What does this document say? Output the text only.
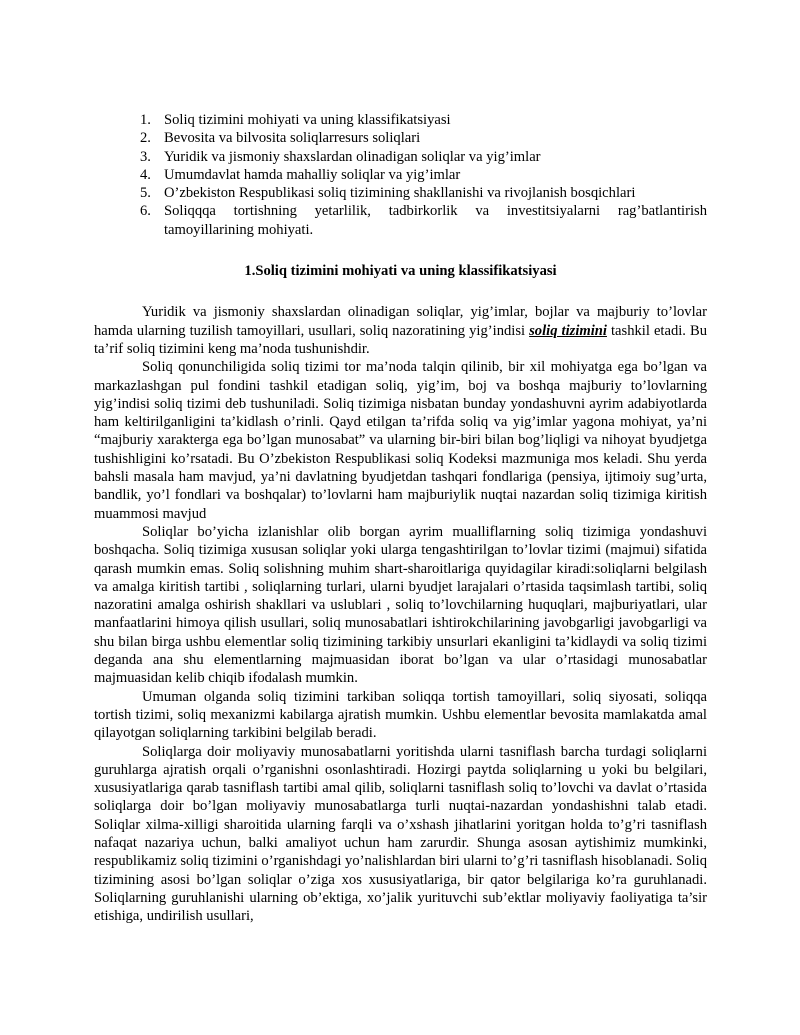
1. Soliq tizimini mohiyati va uning klassifikatsiyasi
2. Bevosita va bilvosita soliqlarresurs soliqlari
3. Yuridik va jismoniy shaxslardan olinadigan soliqlar va yig’imlar
4. Umumdavlat hamda mahalliy soliqlar va yig’imlar
5. O’zbekiston Respublikasi soliq tizimining shakllanishi va rivojlanish bosqichlari
6. Soliqqqa tortishning yetarlilik, tadbirkorlik va investitsiyalarni rag’batlantirish tamoyillarining mohiyati.
1.Soliq tizimini mohiyati va uning klassifikatsiyasi

Yuridik va jismoniy shaxslardan olinadigan soliqlar, yig’imlar, bojlar va majburiy to’lovlar hamda ularning tuzilish tamoyillari, usullari, soliq nazoratining yig’indisi soliq tizimini tashkil etadi. Bu ta’rif soliq tizimini keng ma’noda tushunishdir.

Soliq qonunchiligida soliq tizimi tor ma’noda talqin qilinib, bir xil mohiyatga ega bo’lgan va markazlashgan pul fondini tashkil etadigan soliq, yig’im, boj va boshqa majburiy to’lovlarning yig’indisi soliq tizimi deb tushuniladi. Soliq tizimiga nisbatan bunday yondashuvni ayrim adabiyotlarda ham keltirilganligini ta’kidlash o’rinli. Qayd etilgan ta’rifda soliq va yig’imlar yagona mohiyat, ya’ni “majburiy xarakterga ega bo’lgan munosabat” va ularning bir-biri bilan bog’liqligi va nihoyat byudjetga tushishligini ko’rsatadi. Bu O’zbekiston Respublikasi soliq Kodeksi mazmuniga mos keladi. Shu yerda bahsli masala ham mavjud, ya’ni davlatning byudjetdan tashqari fondlariga (pensiya, ijtimoiy sug’urta, bandlik, yo’l fondlari va boshqalar) to’lovlarni ham majburiylik nuqtai nazardan soliq tizimiga kiritish muammosi mavjud

Soliqlar bo’yicha izlanishlar olib borgan ayrim mualliflarning soliq tizimiga yondashuvi boshqacha. Soliq tizimiga xususan soliqlar yoki ularga tengashtirilgan to’lovlar tizimi (majmui) sifatida qarash mumkin emas. Soliq solishning muhim shart-sharoitlariga quyidagilar kiradi:soliqlarni belgilash va amalga kiritish tartibi , soliqlarning turlari, ularni byudjet larajalari o’rtasida taqsimlash tartibi, soliq nazoratini amalga oshirish shakllari va uslublari , soliq to’lovchilarning huquqlari, majburiyatlari, ular manfaatlarini himoya qilish usullari, soliq munosabatlari ishtirokchilarining javobgarligi javobgarligi va shu bilan birga ushbu elementlar soliq tizimining tarkibiy unsurlari ekanligini ta’kidlaydi va soliq tizimi deganda ana shu elementlarning majmuasidan iborat bo’lgan va ular o’rtasidagi munosabatlar majmuasidan kelib chiqib ifodalash mumkin.

Umuman olganda soliq tizimini tarkiban soliqqa tortish tamoyillari, soliq siyosati, soliqqa tortish tizimi, soliq mexanizmi kabilarga ajratish mumkin. Ushbu elementlar bevosita mamlakatda amal qilayotgan soliqlarning tarkibini belgilab beradi.

Soliqlarga doir moliyaviy munosabatlarni yoritishda ularni tasniflash barcha turdagi soliqlarni guruhlarga ajratish orqali o’rganishni osonlashtiradi. Hozirgi paytda soliqlarning u yoki bu belgilari, xususiyatlariga qarab tasniflash tartibi amal qilib, soliqlarni tasniflash soliq to’lovchi va davlat o’rtasida soliqlarga doir bo’lgan moliyaviy munosabatlarga turli nuqtai-nazardan yondashishni talab etadi. Soliqlar xilma-xilligi sharoitida ularning farqli va o’xshash jihatlarini yoritgan holda to’g’ri tasniflash nafaqat nazariya uchun, balki amaliyot uchun ham zarurdir. Shunga asosan aytishimiz mumkinki, respublikamiz soliq tizimini o’rganishdagi yo’nalishlardan biri ularni to’g’ri tasniflash hisoblanadi. Soliq tizimining asosi bo’lgan soliqlar o’ziga xos xususiyatlariga, bir qator belgilariga ko’ra guruhlanadi. Soliqlarning guruhlanishi ularning ob’ektiga, xo’jalik yurituvchi sub’ektlar moliyaviy faoliyatiga ta’sir etishiga, undirilish usullari,
